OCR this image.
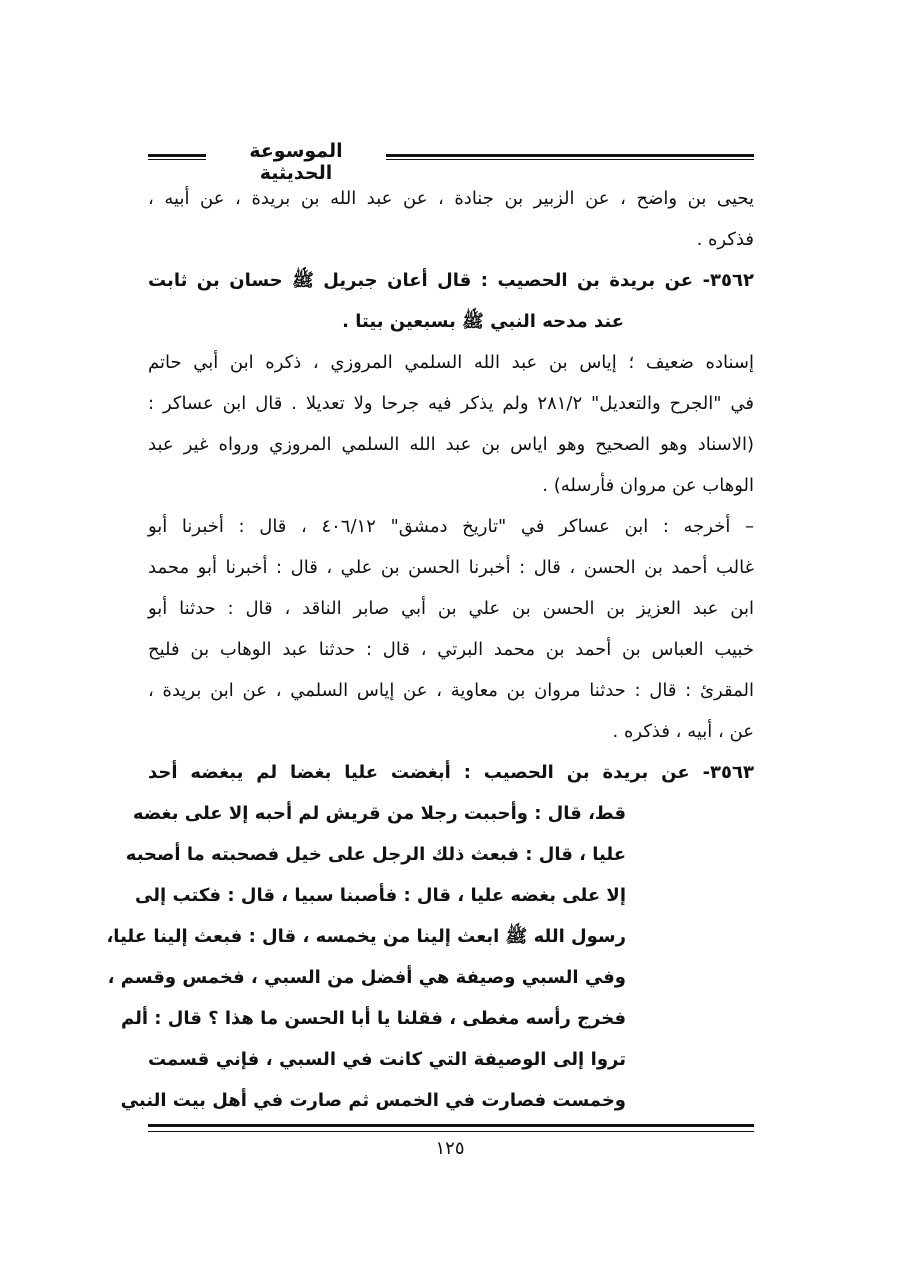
الموسوعة الحديثية
يحيى بن واضح ، عن الزبير بن جنادة ، عن عبد الله بن بريدة ، عن أبيه ،
فذكره .
٣٥٦٢- عن بريدة بن الحصيب : قال أعان جبريل ﷺ حسان بن ثابت
عند مدحه النبي ﷺ بسبعين بيتا .
إسناده ضعيف ؛ إياس بن عبد الله السلمي المروزي ، ذكره ابن أبي حاتم
في "الجرح والتعديل" ٢٨١/٢ ولم يذكر فيه جرحا ولا تعديلا . قال ابن عساكر :
(الاسناد وهو الصحيح وهو اياس بن عبد الله السلمي المروزي ورواه غير عبد
الوهاب عن مروان فأرسله) .
– أخرجه : ابن عساكر في "تاريخ دمشق" ٤٠٦/١٢ ، قال : أخبرنا أبو
غالب أحمد بن الحسن ، قال : أخبرنا الحسن بن علي ، قال : أخبرنا أبو محمد
ابن عبد العزيز بن الحسن بن علي بن أبي صابر الناقد ، قال : حدثنا أبو
خبيب العباس بن أحمد بن محمد البرتي ، قال : حدثنا عبد الوهاب بن فليح
المقرئ : قال : حدثنا مروان بن معاوية ، عن إياس السلمي ، عن ابن بريدة ،
عن ، أبيه ، فذكره .
٣٥٦٣- عن بريدة بن الحصيب : أبغضت عليا بغضا لم يبغضه أحد
قط، قال : وأحببت رجلا من قريش لم أحبه إلا على بغضه
عليا ، قال : فبعث ذلك الرجل على خيل فصحبته ما أصحبه
إلا على بغضه عليا ، قال : فأصبنا سبيا ، قال : فكتب إلى
رسول الله ﷺ ابعث إلينا من يخمسه ، قال : فبعث إلينا عليا،
وفي السبي وصيفة هي أفضل من السبي ، فخمس وقسم ،
فخرج رأسه مغطى ، فقلنا يا أبا الحسن ما هذا ؟ قال : ألم
تروا إلى الوصيفة التي كانت في السبي ، فإني قسمت
وخمست فصارت في الخمس ثم صارت في أهل بيت النبي
١٢٥
